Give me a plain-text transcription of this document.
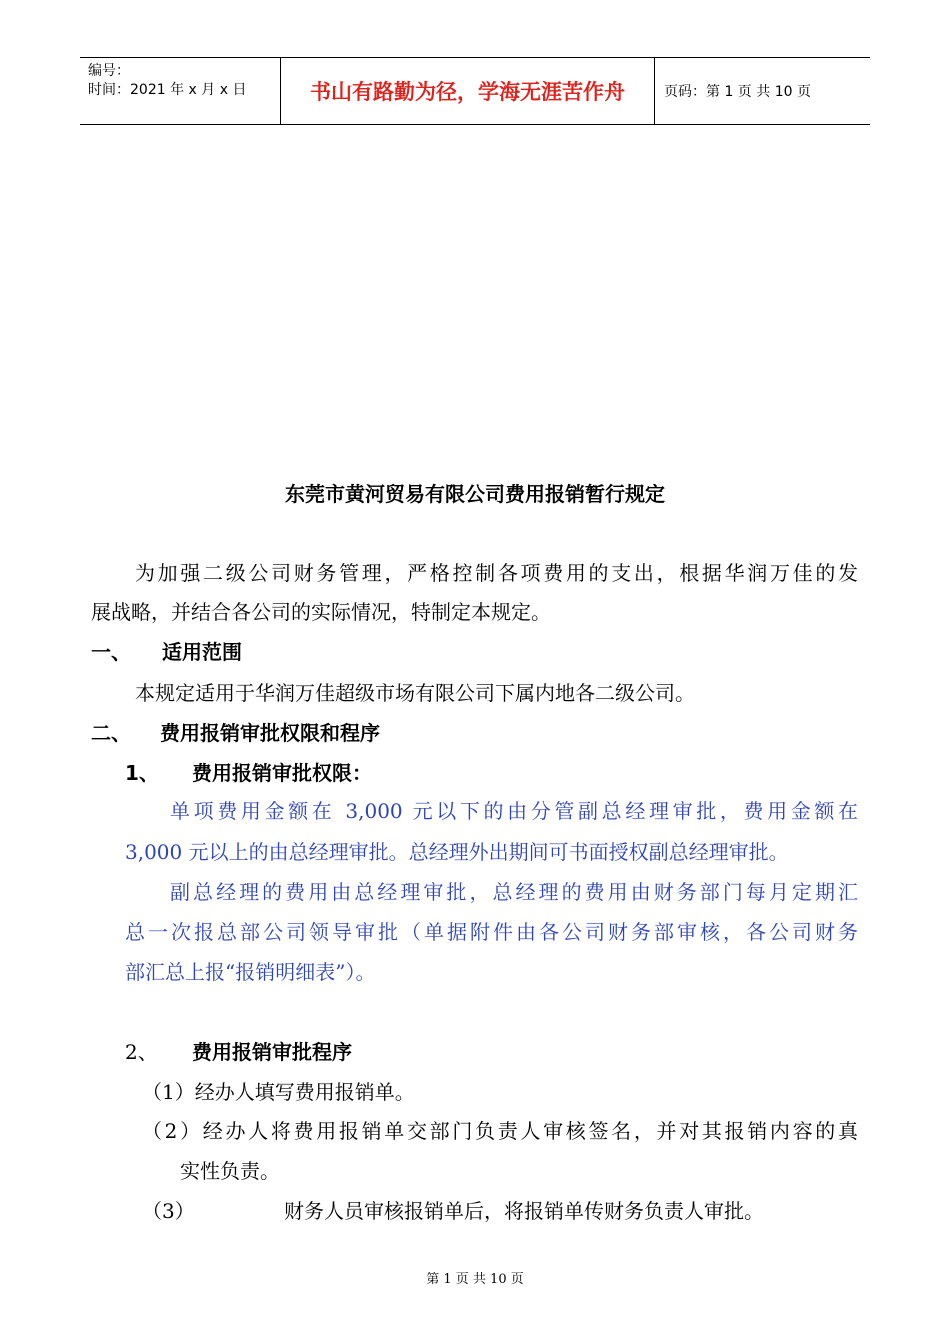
编号：
时间：2021 年 x 月 x 日	书山有路勤为径，学海无涯苦作舟	页码：第 1 页 共 10 页
东莞市黄河贸易有限公司费用报销暂行规定
为加强二级公司财务管理，严格控制各项费用的支出，根据华润万佳的发
展战略，并结合各公司的实际情况，特制定本规定。
一、 适用范围
本规定适用于华润万佳超级市场有限公司下属内地各二级公司。
二、 费用报销审批权限和程序
1、 费用报销审批权限：
单项费用金额在 3,000 元以下的由分管副总经理审批，费用金额在
3,000 元以上的由总经理审批。总经理外出期间可书面授权副总经理审批。
副总经理的费用由总经理审批，总经理的费用由财务部门每月定期汇
总一次报总部公司领导审批（单据附件由各公司财务部审核，各公司财务
部汇总上报“报销明细表”）。
2、 费用报销审批程序
（1）经办人填写费用报销单。
（2）经办人将费用报销单交部门负责人审核签名，并对其报销内容的真
实性负责。
（3）	财务人员审核报销单后，将报销单传财务负责人审批。
第 1 页 共 10 页
